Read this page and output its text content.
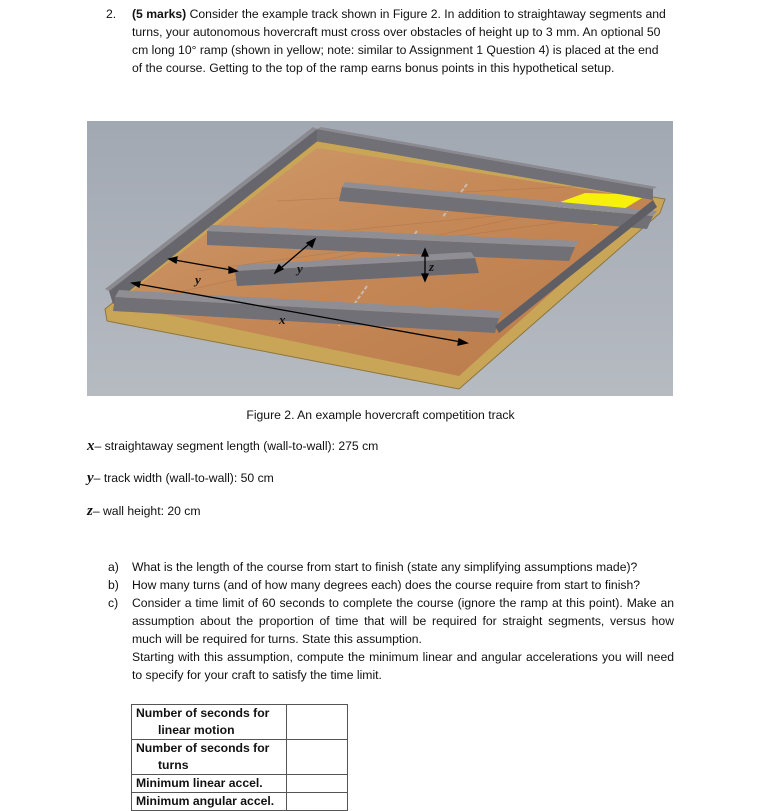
2. (5 marks) Consider the example track shown in Figure 2. In addition to straightaway segments and turns, your autonomous hovercraft must cross over obstacles of height up to 3 mm. An optional 50 cm long 10° ramp (shown in yellow; note: similar to Assignment 1 Question 4) is placed at the end of the course. Getting to the top of the ramp earns bonus points in this hypothetical setup.
y
y	z
x
Figure 2. An example hovercraft competition track
x– straightaway segment length (wall-to-wall): 275 cm
y– track width (wall-to-wall): 50 cm
z– wall height: 20 cm
a) What is the length of the course from start to finish (state any simplifying assumptions made)?

b) How many turns (and of how many degrees each) does the course require from start to finish?

c) Consider a time limit of 60 seconds to complete the course (ignore the ramp at this point). Make an assumption about the proportion of time that will be required for straight segments, versus how much will be required for turns. State this assumption.

Starting with this assumption, compute the minimum linear and angular accelerations you will need to specify for your craft to satisfy the time limit.

Number of seconds for
linear motion	

Number of seconds for
turns	

Minimum linear accel.	
Minimum angular accel.	
